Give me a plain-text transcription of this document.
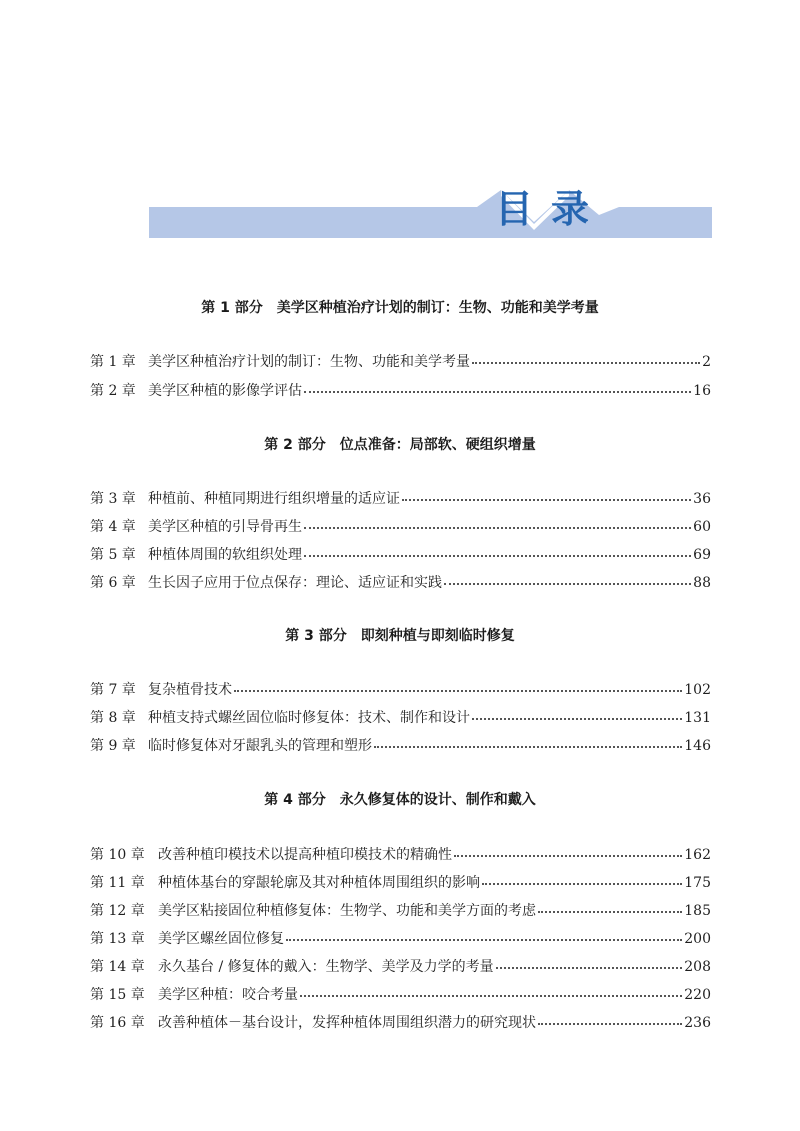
目 录
第 1 部分 美学区种植治疗计划的制订：生物、功能和美学考量
第 1 章 美学区种植治疗计划的制订：生物、功能和美学考量	2
第 2 章 美学区种植的影像学评估	16
第 2 部分 位点准备：局部软、硬组织增量
第 3 章 种植前、种植同期进行组织增量的适应证	36
第 4 章 美学区种植的引导骨再生	60
第 5 章 种植体周围的软组织处理	69
第 6 章 生长因子应用于位点保存：理论、适应证和实践	88
第 3 部分 即刻种植与即刻临时修复
第 7 章 复杂植骨技术	102
第 8 章 种植支持式螺丝固位临时修复体：技术、制作和设计	131
第 9 章 临时修复体对牙龈乳头的管理和塑形	146
第 4 部分 永久修复体的设计、制作和戴入
第 10 章 改善种植印模技术以提高种植印模技术的精确性	162
第 11 章 种植体基台的穿龈轮廓及其对种植体周围组织的影响	175
第 12 章 美学区粘接固位种植修复体：生物学、功能和美学方面的考虑	185
第 13 章 美学区螺丝固位修复	200
第 14 章 永久基台 / 修复体的戴入：生物学、美学及力学的考量	208
第 15 章 美学区种植：咬合考量	220
第 16 章 改善种植体－基台设计，发挥种植体周围组织潜力的研究现状	236
